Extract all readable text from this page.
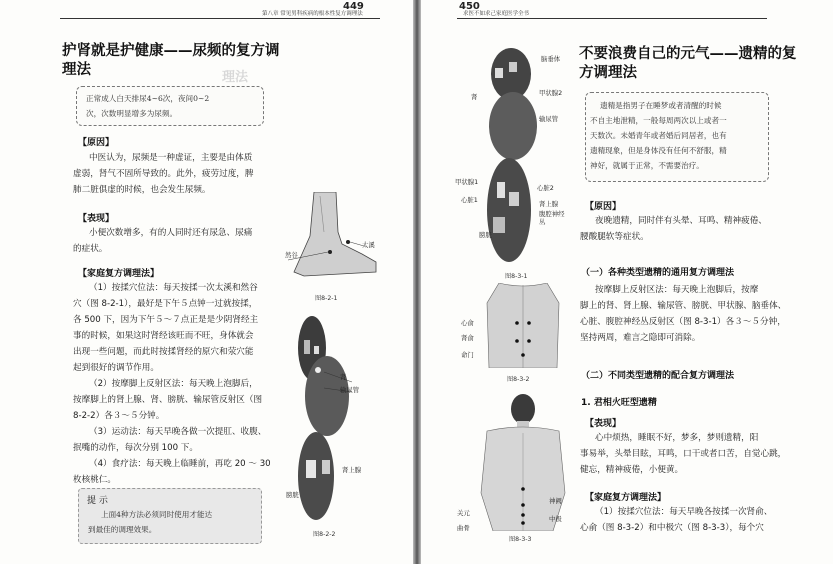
449
第八章 常见男科疾病的根本性复方调理法
理法

护肾就是护健康——尿频的复方调

理法

正常成人白天排尿4~6次，夜间0~2

次，次数明显增多为尿频。

【原因】

中医认为，尿频是一种虚证，主要是由体质

虚弱，肾气不固所导致的。此外，疲劳过度，脾

肺二脏俱虚的时候，也会发生尿频。

【表现】

小便次数增多，有的人同时还有尿急、尿痛

的症状。

【家庭复方调理法】

（1）按揉穴位法：每天按揉一次太溪和然谷

穴（图 8-2-1），最好是下午５点钟一过就按揉，

各 500 下，因为下午５～７点正是是少阴肾经主

事的时候，如果这时肾经该旺而不旺，身体就会

出现一些问题，而此时按揉肾经的原穴和荥穴能

起到很好的调节作用。

（2）按摩脚上反射区法：每天晚上泡脚后，

按摩脚上的肾上腺、肾、膀胱、输尿管反射区（图

8-2-2）各３～５分钟。

（3）运动法：每天早晚各做一次提肛、收腹、

抿嘴的动作，每次分别 100 下。

（4）食疗法：每天晚上临睡前，再吃 20 ～ 30

枚核桃仁。

提 示

上面4种方法必须同时使用才能达

到最佳的调理效果。

太溪
然谷
图8-2-1
肾
输尿管
肾上腺
膀胱
图8-2-2
450
求医不如求己家庭医学全书

不要浪费自己的元气——遗精的复

方调理法

遗精是指男子在睡梦或者清醒的时候

不自主地泄精，一般每周两次以上或者一

天数次。未婚青年或者婚后同居者，也有

遗精现象，但是身体没有任何不舒服，精

神好，就属于正常，不需要治疗。

【原因】

夜晚遗精，同时伴有头晕、耳鸣、精神疲倦、

腰酸腿软等症状。

（一）各种类型遗精的通用复方调理法

按摩脚上反射区法：每天晚上泡脚后，按摩

脚上的肾、肾上腺、输尿管、膀胱、甲状腺、脑垂体、

心脏、腹腔神经丛反射区（图 8-3-1）各３～５分钟，

坚持两周，难言之隐即可消除。

（二）不同类型遗精的配合复方调理法

1. 君相火旺型遗精

【表现】

心中烦热，睡眠不好，梦多，梦则遗精，阳

事易举，头晕目眩，耳鸣，口干或者口苦，自觉心跳，

健忘，精神疲倦，小便黄。

【家庭复方调理法】

（1）按揉穴位法：每天早晚各按揉一次肾俞、

心俞（图 8-3-2）和中极穴（图 8-3-3），每个穴

脑垂体
甲状腺2
肾
输尿管
甲状腺1
心脏1
心脏2
肾上腺
腹腔神经丛
膀胱
图8-3-1
心俞
肾俞
命门
图8-3-2
关元
曲骨
神阙
中极
图8-3-3
